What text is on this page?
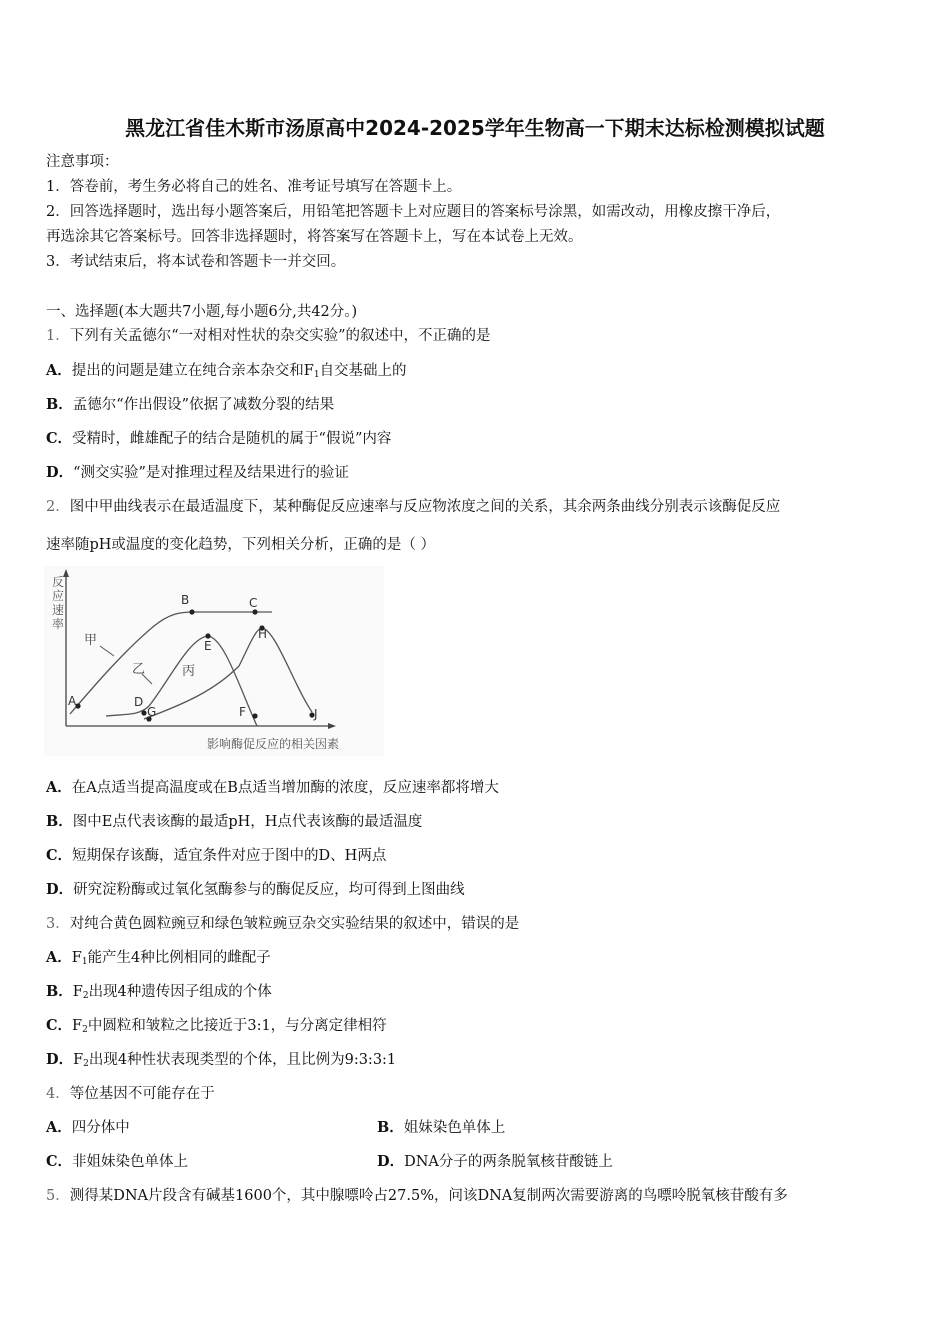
黑龙江省佳木斯市汤原高中2024-2025学年生物高一下期末达标检测模拟试题
注意事项：
1．答卷前，考生务必将自己的姓名、准考证号填写在答题卡上。
2．回答选择题时，选出每小题答案后，用铅笔把答题卡上对应题目的答案标号涂黑，如需改动，用橡皮擦干净后，
再选涂其它答案标号。回答非选择题时，将答案写在答题卡上，写在本试卷上无效。
3．考试结束后，将本试卷和答题卡一并交回。
一、选择题(本大题共7小题,每小题6分,共42分。)
1．下列有关孟德尔“一对相对性状的杂交实验”的叙述中，不正确的是
A．提出的问题是建立在纯合亲本杂交和$F_1$自交基础上的
B．孟德尔“作出假设”依据了减数分裂的结果
C．受精时，雌雄配子的结合是随机的属于“假说”内容
D．“测交实验”是对推理过程及结果进行的验证
2．图中甲曲线表示在最适温度下，某种酶促反应速率与反应物浓度之间的关系，其余两条曲线分别表示该酶促反应
速率随pH或温度的变化趋势，下列相关分析，正确的是（ ）
反
应
速
率
影响酶促反应的相关因素
甲
乙	丙
A
B	C
D
E
F
G
H
J
A．在A点适当提高温度或在B点适当增加酶的浓度，反应速率都将增大
B．图中E点代表该酶的最适pH，H点代表该酶的最适温度
C．短期保存该酶，适宜条件对应于图中的D、H两点
D．研究淀粉酶或过氧化氢酶参与的酶促反应，均可得到上图曲线
3．对纯合黄色圆粒豌豆和绿色皱粒豌豆杂交实验结果的叙述中，错误的是
A．$F_1$能产生4种比例相同的雌配子
B．$F_2$出现4种遗传因子组成的个体
C．$F_2$中圆粒和皱粒之比接近于3:1，与分离定律相符
D．$F_2$出现4种性状表现类型的个体，且比例为9:3:3:1
4．等位基因不可能存在于
A．四分体中	B．姐妹染色单体上
C．非姐妹染色单体上	D．DNA分子的两条脱氧核苷酸链上
5．测得某DNA片段含有碱基1600个，其中腺嘌呤占27.5%，问该DNA复制两次需要游离的鸟嘌呤脱氧核苷酸有多
